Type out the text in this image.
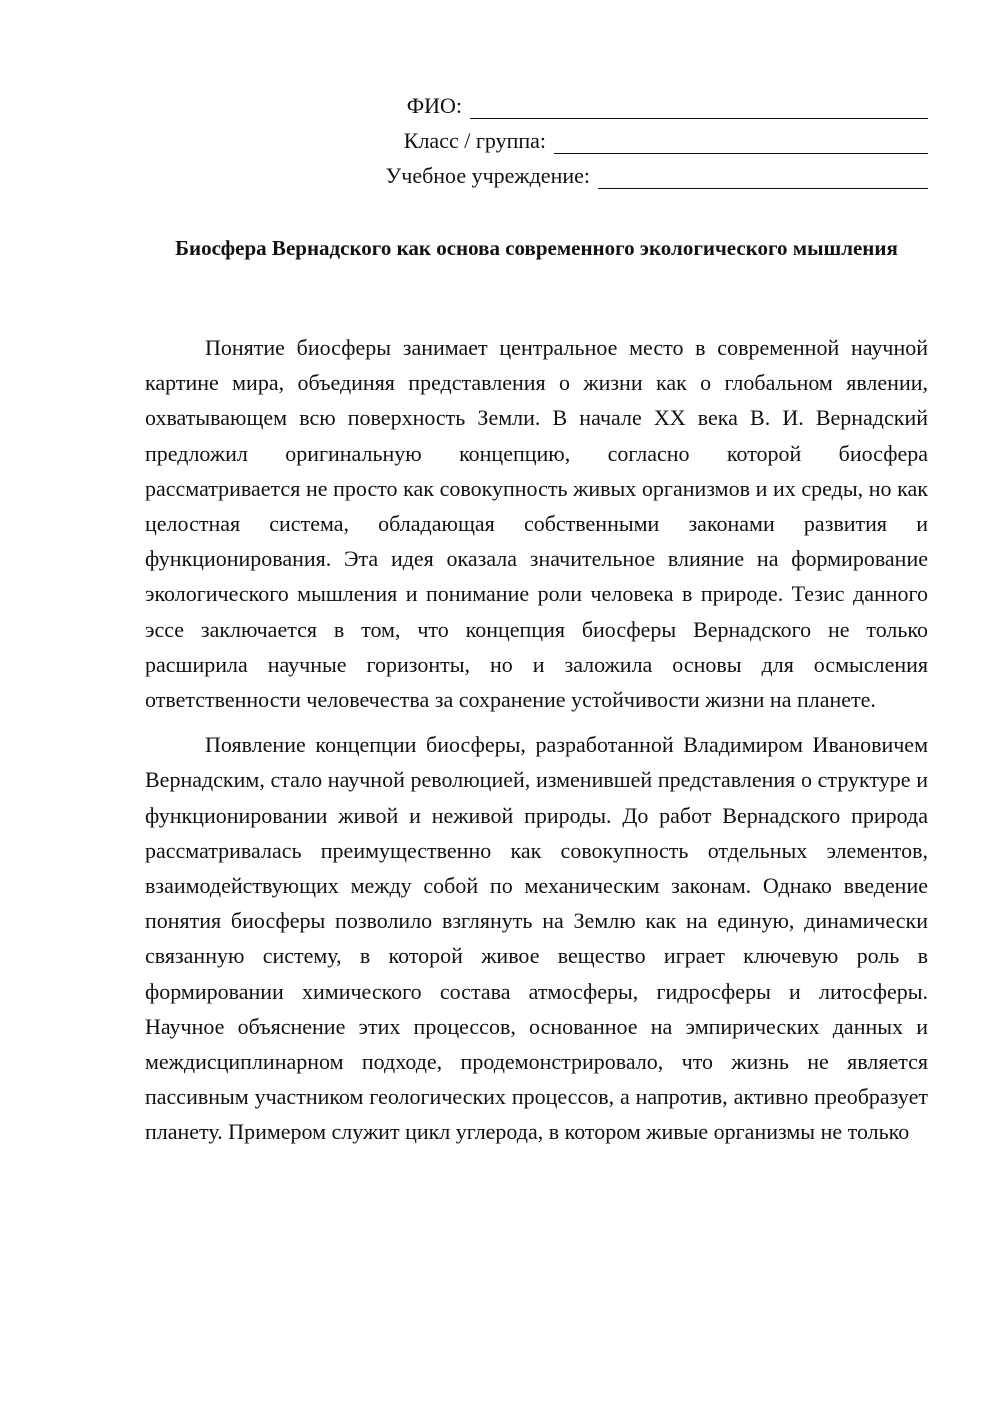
ФИО:
Класс / группа:
Учебное учреждение:
Биосфера Вернадского как основа современного экологического мышления

Понятие биосферы занимает центральное место в современной научной картине мира, объединяя представления о жизни как о глобальном явлении, охватывающем всю поверхность Земли. В начале XX века В. И. Вернадский предложил оригинальную концепцию, согласно которой биосфера рассматривается не просто как совокупность живых организмов и их среды, но как целостная система, обладающая собственными законами развития и функционирования. Эта идея оказала значительное влияние на формирование экологического мышления и понимание роли человека в природе. Тезис данного эссе заключается в том, что концепция биосферы Вернадского не только расширила научные горизонты, но и заложила основы для осмысления ответственности человечества за сохранение устойчивости жизни на планете.

Появление концепции биосферы, разработанной Владимиром Ивановичем Вернадским, стало научной революцией, изменившей представления о структуре и функционировании живой и неживой природы. До работ Вернадского природа рассматривалась преимущественно как совокупность отдельных элементов, взаимодействующих между собой по механическим законам. Однако введение понятия биосферы позволило взглянуть на Землю как на единую, динамически связанную систему, в которой живое вещество играет ключевую роль в формировании химического состава атмосферы, гидросферы и литосферы. Научное объяснение этих процессов, основанное на эмпирических данных и междисциплинарном подходе, продемонстрировало, что жизнь не является пассивным участником геологических процессов, а напротив, активно преобразует планету. Примером служит цикл углерода, в котором живые организмы не только
